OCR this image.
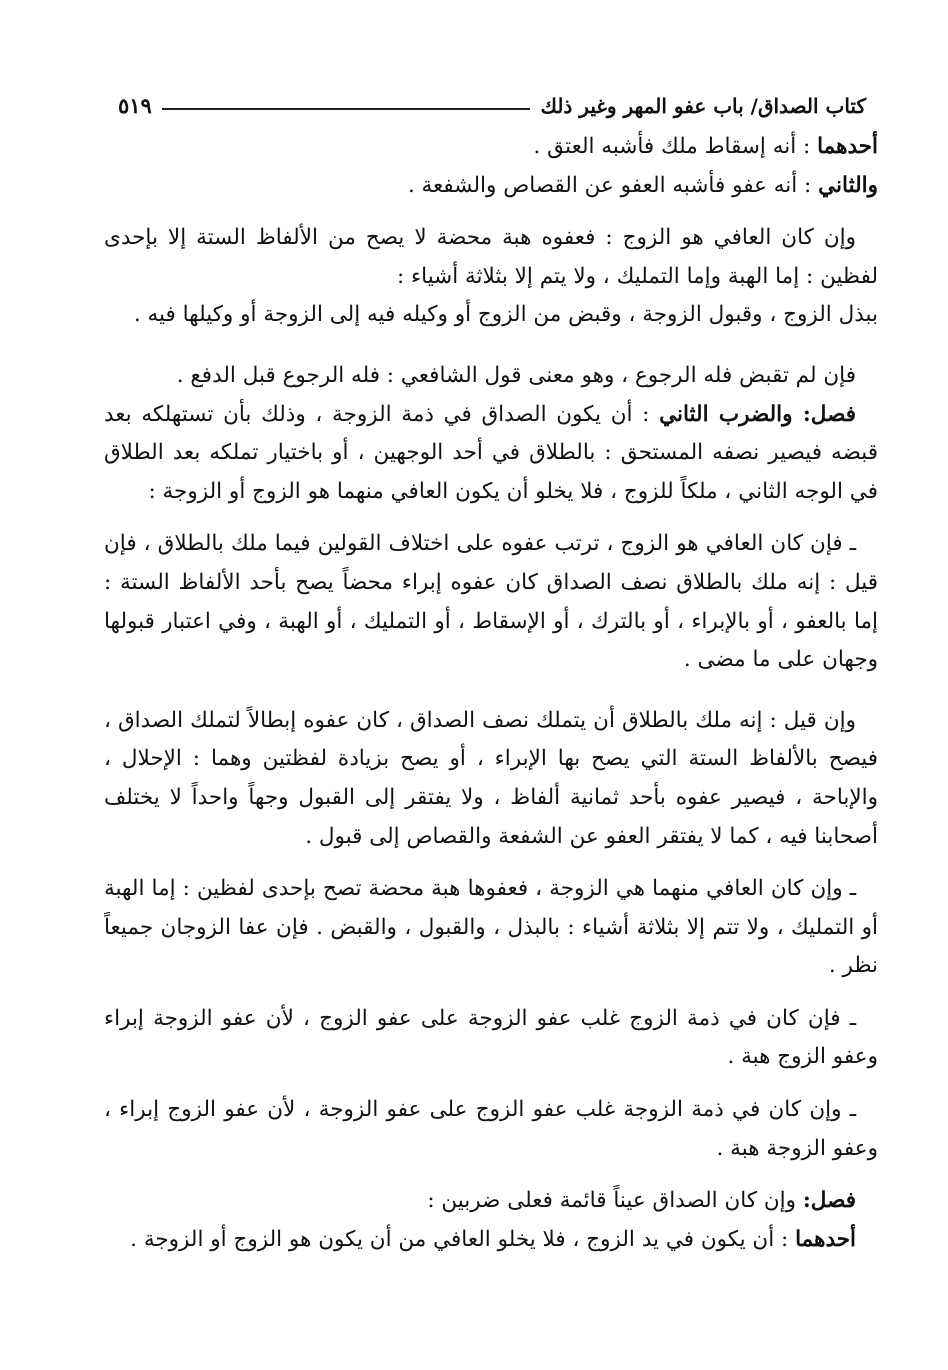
كتاب الصداق/ باب عفو المهر وغير ذلك
٥١٩

أحدهما : أنه إسقاط ملك فأشبه العتق .

والثاني : أنه عفو فأشبه العفو عن القصاص والشفعة .

وإن كان العافي هو الزوج : فعفوه هبة محضة لا يصح من الألفاظ الستة إلا بإحدى لفظين : إما الهبة وإما التمليك ، ولا يتم إلا بثلاثة أشياء :

ببذل الزوج ، وقبول الزوجة ، وقبض من الزوج أو وكيله فيه إلى الزوجة أو وكيلها فيه .

فإن لم تقبض فله الرجوع ، وهو معنى قول الشافعي : فله الرجوع قبل الدفع .

فصل: والضرب الثاني : أن يكون الصداق في ذمة الزوجة ، وذلك بأن تستهلكه بعد قبضه فيصير نصفه المستحق : بالطلاق في أحد الوجهين ، أو باختيار تملكه بعد الطلاق في الوجه الثاني ، ملكاً للزوج ، فلا يخلو أن يكون العافي منهما هو الزوج أو الزوجة :

ـ فإن كان العافي هو الزوج ، ترتب عفوه على اختلاف القولين فيما ملك بالطلاق ، فإن قيل : إنه ملك بالطلاق نصف الصداق كان عفوه إبراء محضاً يصح بأحد الألفاظ الستة : إما بالعفو ، أو بالإبراء ، أو بالترك ، أو الإسقاط ، أو التمليك ، أو الهبة ، وفي اعتبار قبولها وجهان على ما مضى .

وإن قيل : إنه ملك بالطلاق أن يتملك نصف الصداق ، كان عفوه إبطالاً لتملك الصداق ، فيصح بالألفاظ الستة التي يصح بها الإبراء ، أو يصح بزيادة لفظتين وهما : الإحلال ، والإباحة ، فيصير عفوه بأحد ثمانية ألفاظ ، ولا يفتقر إلى القبول وجهاً واحداً لا يختلف أصحابنا فيه ، كما لا يفتقر العفو عن الشفعة والقصاص إلى قبول .

ـ وإن كان العافي منهما هي الزوجة ، فعفوها هبة محضة تصح بإحدى لفظين : إما الهبة أو التمليك ، ولا تتم إلا بثلاثة أشياء : بالبذل ، والقبول ، والقبض . فإن عفا الزوجان جميعاً نظر .

ـ فإن كان في ذمة الزوج غلب عفو الزوجة على عفو الزوج ، لأن عفو الزوجة إبراء وعفو الزوج هبة .

ـ وإن كان في ذمة الزوجة غلب عفو الزوج على عفو الزوجة ، لأن عفو الزوج إبراء ، وعفو الزوجة هبة .

فصل: وإن كان الصداق عيناً قائمة فعلى ضربين :

أحدهما : أن يكون في يد الزوج ، فلا يخلو العافي من أن يكون هو الزوج أو الزوجة .
